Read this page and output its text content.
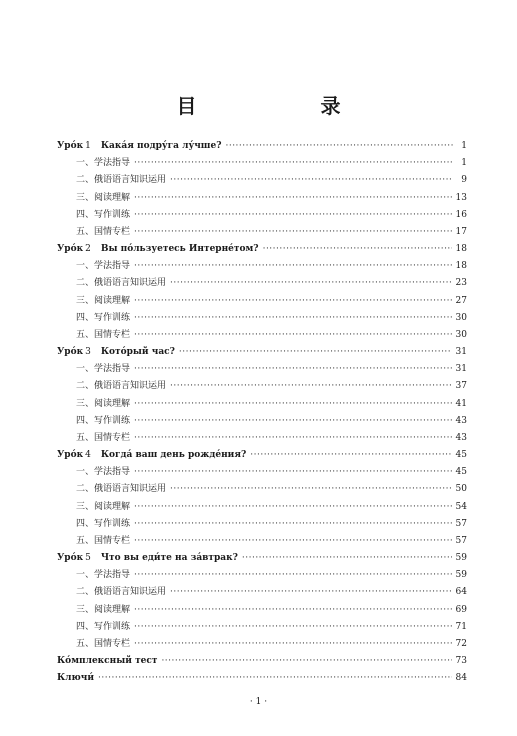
目　　录
Уро́к 1 Кака́я подру́га лу́чше? ·····	1
一、学法指导 ·····	1
二、俄语语言知识运用 ·····	9
三、阅读理解 ·····	13
四、写作训练 ·····	16
五、国情专栏 ·····	17
Уро́к 2 Вы по́льзуетесь Интерне́том? ·····	18
一、学法指导 ·····	18
二、俄语语言知识运用 ·····	23
三、阅读理解 ·····	27
四、写作训练 ·····	30
五、国情专栏 ·····	30
Уро́к 3 Кото́рый час? ·····	31
一、学法指导 ·····	31
二、俄语语言知识运用 ·····	37
三、阅读理解 ·····	41
四、写作训练 ·····	43
五、国情专栏 ·····	43
Уро́к 4 Когда́ ваш день рожде́ния? ·····	45
一、学法指导 ·····	45
二、俄语语言知识运用 ·····	50
三、阅读理解 ·····	54
四、写作训练 ·····	57
五、国情专栏 ·····	57
Уро́к 5 Что вы еди́те на за́втрак? ·····	59
一、学法指导 ·····	59
二、俄语语言知识运用 ·····	64
三、阅读理解 ·····	69
四、写作训练 ·····	71
五、国情专栏 ·····	72
Ко́мплексный тест ·····	73
Ключи́ ·····	84
· 1 ·
